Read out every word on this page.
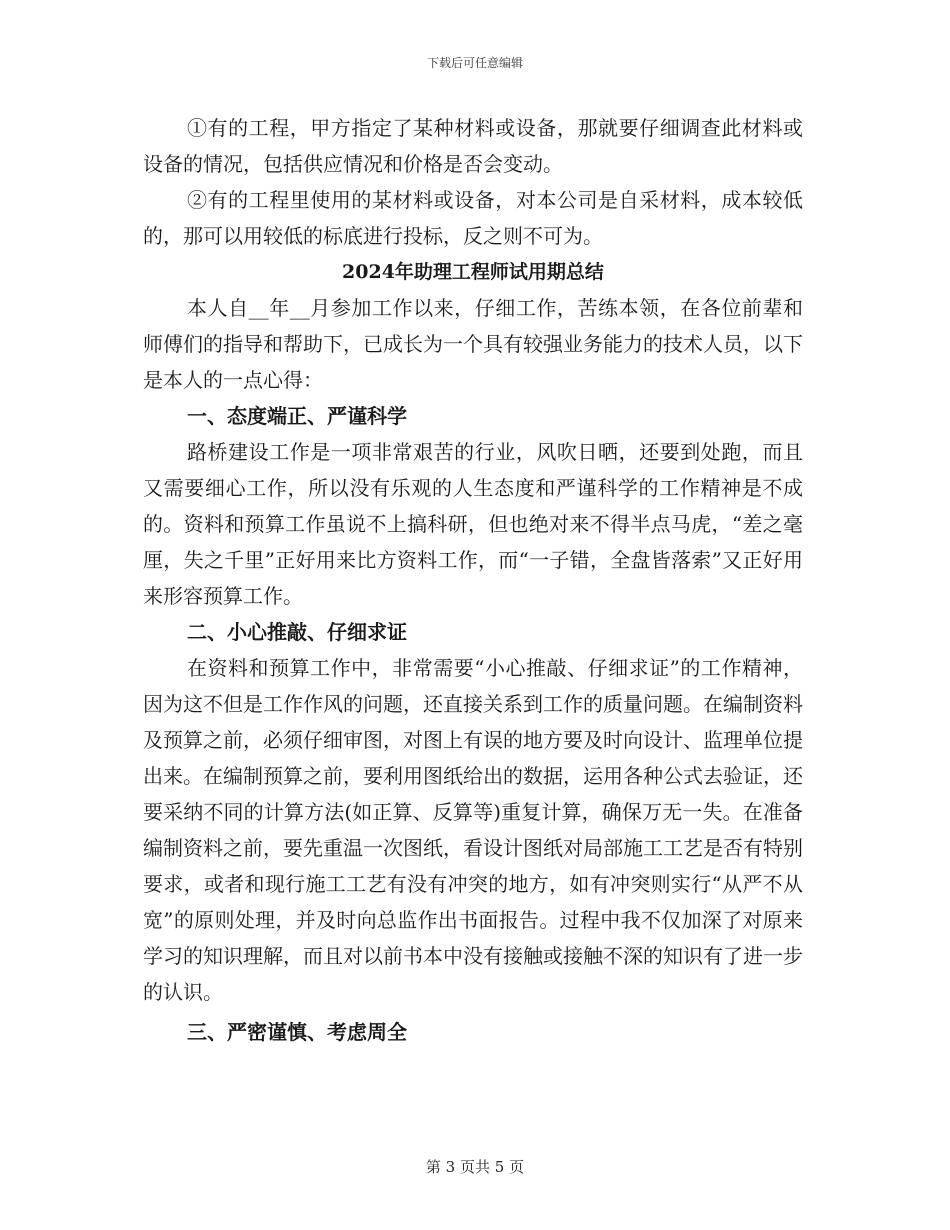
下载后可任意编辑

①有的工程，甲方指定了某种材料或设备，那就要仔细调查此材料或设备的情况，包括供应情况和价格是否会变动。

②有的工程里使用的某材料或设备，对本公司是自采材料，成本较低的，那可以用较低的标底进行投标，反之则不可为。

2024年助理工程师试用期总结

本人自__年__月参加工作以来，仔细工作，苦练本领，在各位前辈和师傅们的指导和帮助下，已成长为一个具有较强业务能力的技术人员，以下是本人的一点心得：

一、态度端正、严谨科学

路桥建设工作是一项非常艰苦的行业，风吹日晒，还要到处跑，而且又需要细心工作，所以没有乐观的人生态度和严谨科学的工作精神是不成的。资料和预算工作虽说不上搞科研，但也绝对来不得半点马虎，“差之毫厘，失之千里”正好用来比方资料工作，而“一子错，全盘皆落索”又正好用来形容预算工作。

二、小心推敲、仔细求证

在资料和预算工作中，非常需要“小心推敲、仔细求证”的工作精神，因为这不但是工作作风的问题，还直接关系到工作的质量问题。在编制资料及预算之前，必须仔细审图，对图上有误的地方要及时向设计、监理单位提出来。在编制预算之前，要利用图纸给出的数据，运用各种公式去验证，还要采纳不同的计算方法(如正算、反算等)重复计算，确保万无一失。在准备编制资料之前，要先重温一次图纸，看设计图纸对局部施工工艺是否有特别要求，或者和现行施工工艺有没有冲突的地方，如有冲突则实行“从严不从宽”的原则处理，并及时向总监作出书面报告。过程中我不仅加深了对原来学习的知识理解，而且对以前书本中没有接触或接触不深的知识有了进一步的认识。

三、严密谨慎、考虑周全

第 3 页共 5 页
